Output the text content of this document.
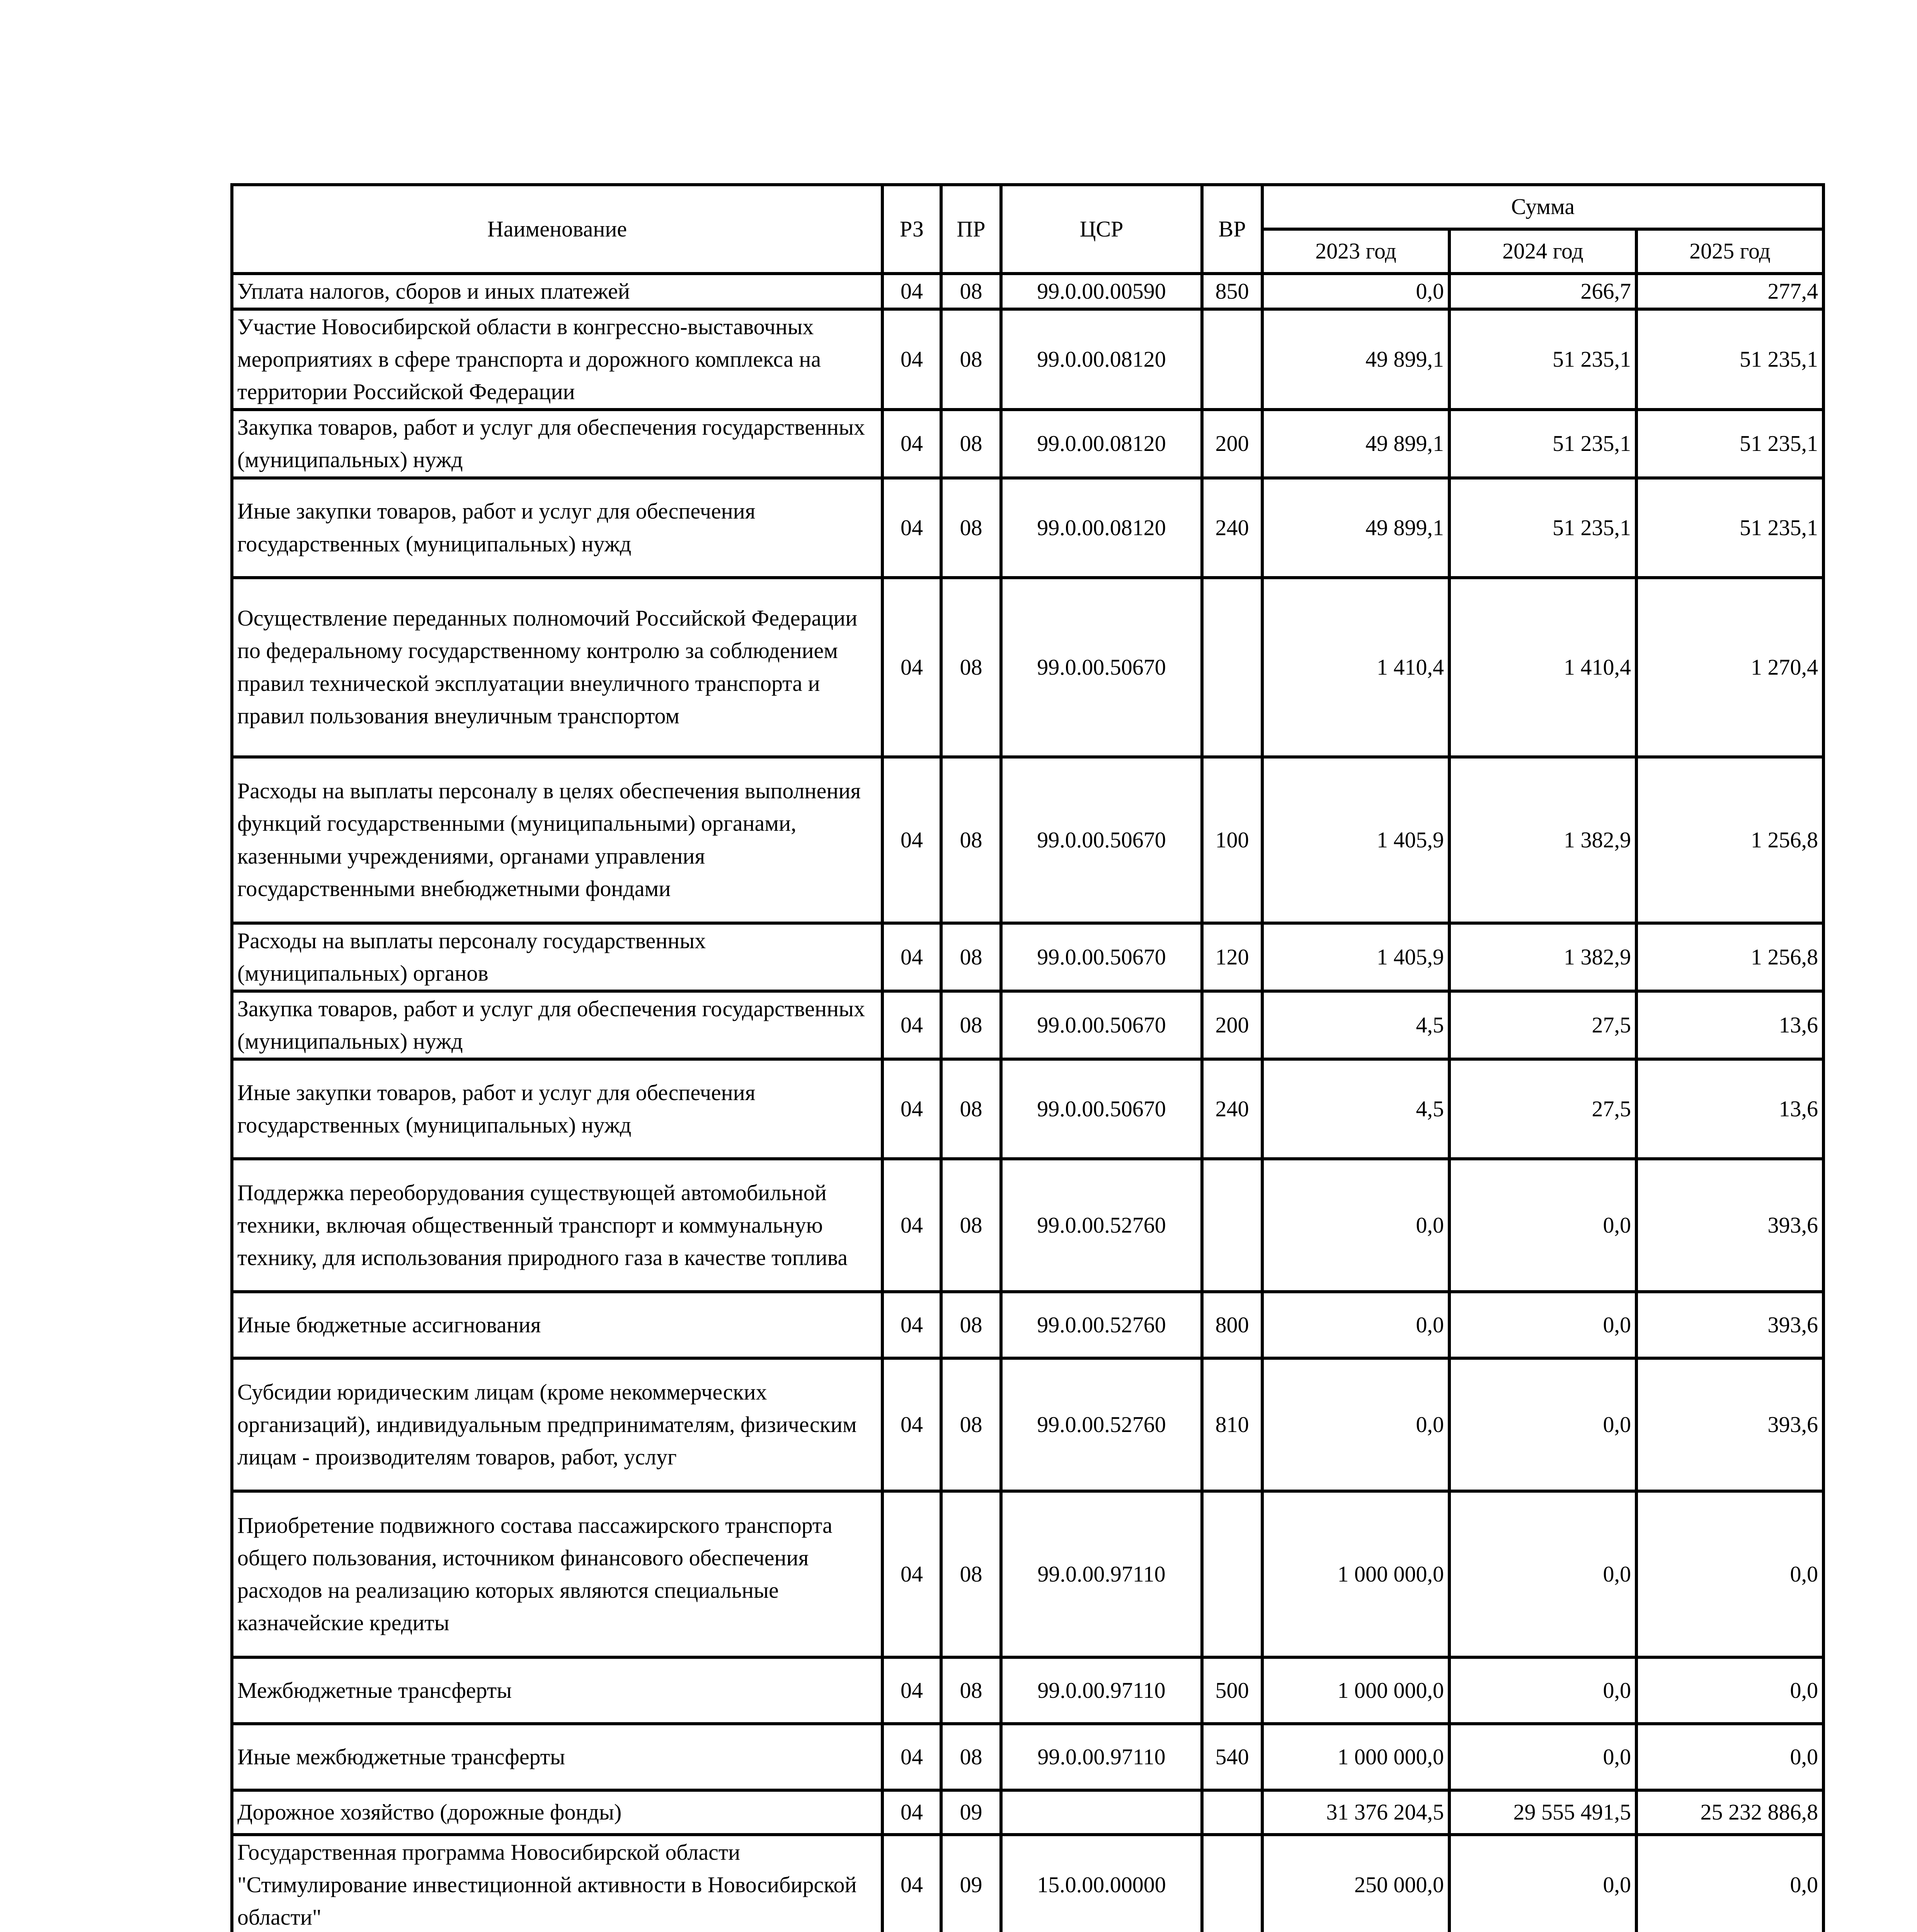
Наименование	РЗ	ПР	ЦСР	ВР	Сумма		
					2023 год	2024 год	2025 год
Уплата налогов, сборов и иных платежей	04	08	99.0.00.00590	850	0,0	266,7	277,4
Участие Новосибирской области в конгрессно-выставочных мероприятиях в сфере транспорта и дорожного комплекса на территории Российской Федерации	04	08	99.0.00.08120		49 899,1	51 235,1	51 235,1
Закупка товаров, работ и услуг для обеспечения государственных (муниципальных) нужд	04	08	99.0.00.08120	200	49 899,1	51 235,1	51 235,1
Иные закупки товаров, работ и услуг для обеспечения государственных (муниципальных) нужд	04	08	99.0.00.08120	240	49 899,1	51 235,1	51 235,1
Осуществление переданных полномочий Российской Федерации по федеральному государственному контролю за соблюдением правил технической эксплуатации внеуличного транспорта и правил пользования внеуличным транспортом	04	08	99.0.00.50670		1 410,4	1 410,4	1 270,4
Расходы на выплаты персоналу в целях обеспечения выполнения функций государственными (муниципальными) органами, казенными учреждениями, органами управления государственными внебюджетными фондами	04	08	99.0.00.50670	100	1 405,9	1 382,9	1 256,8
Расходы на выплаты персоналу государственных (муниципальных) органов	04	08	99.0.00.50670	120	1 405,9	1 382,9	1 256,8
Закупка товаров, работ и услуг для обеспечения государственных (муниципальных) нужд	04	08	99.0.00.50670	200	4,5	27,5	13,6
Иные закупки товаров, работ и услуг для обеспечения государственных (муниципальных) нужд	04	08	99.0.00.50670	240	4,5	27,5	13,6
Поддержка переоборудования существующей автомобильной техники, включая общественный транспорт и коммунальную технику, для использования природного газа в качестве топлива	04	08	99.0.00.52760		0,0	0,0	393,6
Иные бюджетные ассигнования	04	08	99.0.00.52760	800	0,0	0,0	393,6
Субсидии юридическим лицам (кроме некоммерческих организаций), индивидуальным предпринимателям, физическим лицам - производителям товаров, работ, услуг	04	08	99.0.00.52760	810	0,0	0,0	393,6
Приобретение подвижного состава пассажирского транспорта общего пользования, источником финансового обеспечения расходов на реализацию которых являются специальные казначейские кредиты	04	08	99.0.00.97110		1 000 000,0	0,0	0,0
Межбюджетные трансферты	04	08	99.0.00.97110	500	1 000 000,0	0,0	0,0
Иные межбюджетные трансферты	04	08	99.0.00.97110	540	1 000 000,0	0,0	0,0
Дорожное хозяйство (дорожные фонды)	04	09			31 376 204,5	29 555 491,5	25 232 886,8
Государственная программа Новосибирской области "Стимулирование инвестиционной активности в Новосибирской области"	04	09	15.0.00.00000		250 000,0	0,0	0,0
